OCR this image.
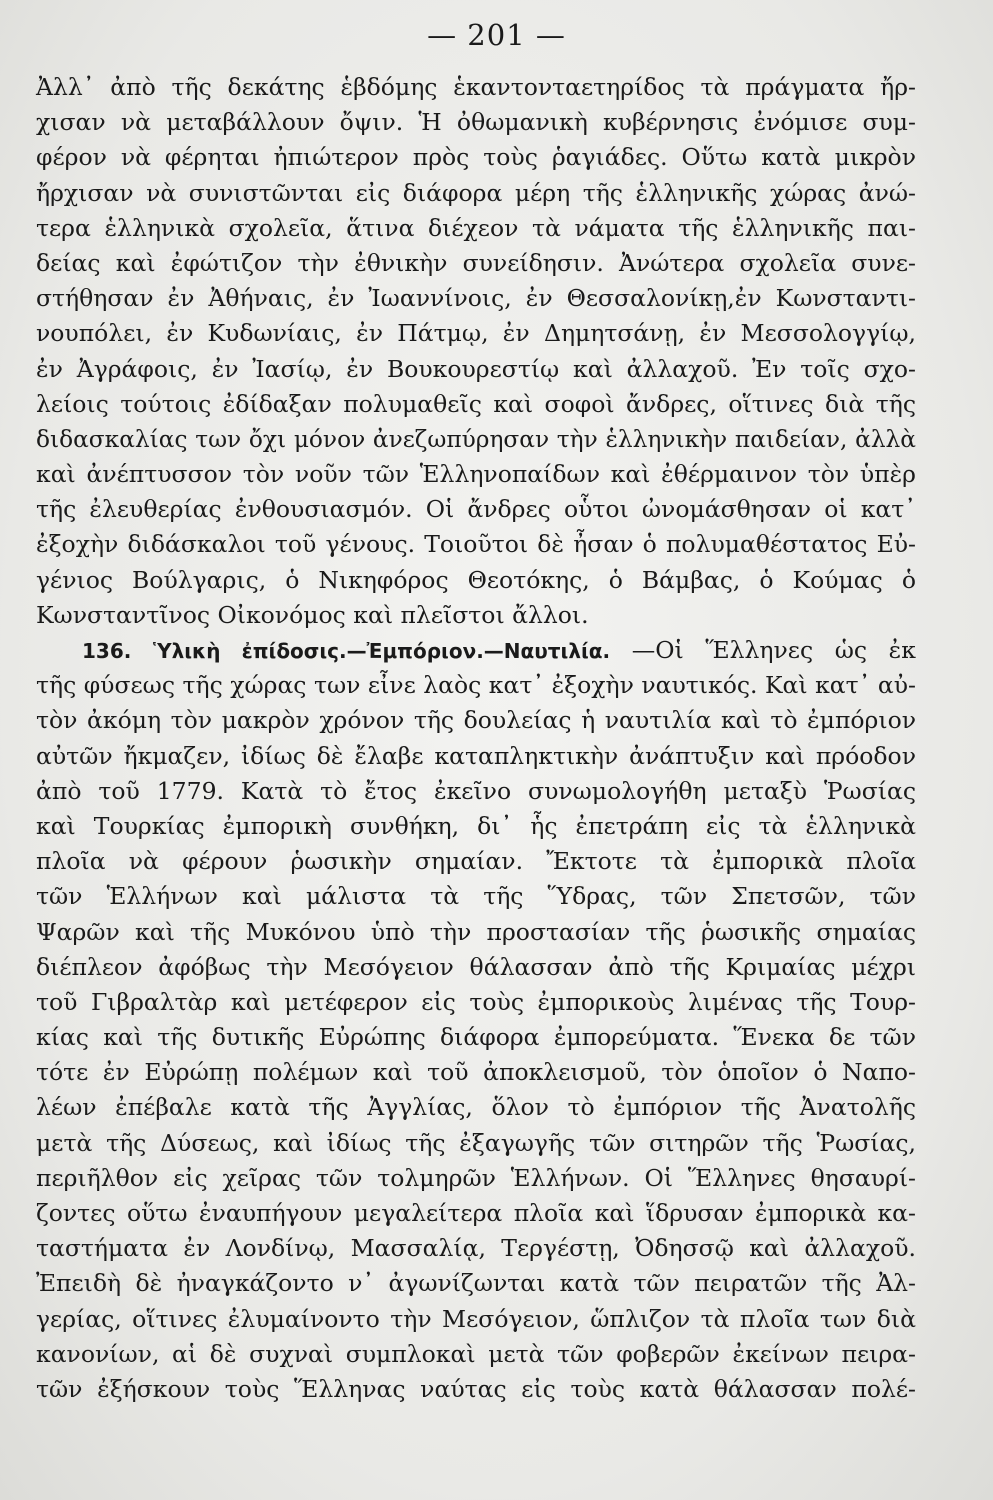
— 201 —
Ἀλλ᾽ ἀπὸ τῆς δεκάτης ἑβδόμης ἑκαντονταετηρίδος τὰ πράγματα ἤρ-
χισαν νὰ μεταβάλλουν ὄψιν. Ἡ ὀθωμανικὴ κυβέρνησις ἐνόμισε συμ-
φέρον νὰ φέρηται ἠπιώτερον πρὸς τοὺς ῥαγιάδες. Οὕτω κατὰ μικρὸν
ἤρχισαν νὰ συνιστῶνται εἰς διάφορα μέρη τῆς ἑλληνικῆς χώρας ἀνώ-
τερα ἑλληνικὰ σχολεῖα, ἅτινα διέχεον τὰ νάματα τῆς ἑλληνικῆς παι-
δείας καὶ ἐφώτιζον τὴν ἐθνικὴν συνείδησιν. Ἀνώτερα σχολεῖα συνε-
στήθησαν ἐν Ἀθήναις, ἐν Ἰωαννίνοις, ἐν Θεσσαλονίκῃ,ἐν Κωνσταντι-
νουπόλει, ἐν Κυδωνίαις, ἐν Πάτμῳ, ἐν Δημητσάνῃ, ἐν Μεσσολογγίῳ,
ἐν Ἀγράφοις, ἐν Ἰασίῳ, ἐν Βουκουρεστίῳ καὶ ἀλλαχοῦ. Ἐν τοῖς σχο-
λείοις τούτοις ἐδίδαξαν πολυμαθεῖς καὶ σοφοὶ ἄνδρες, οἵτινες διὰ τῆς
διδασκαλίας των ὄχι μόνον ἀνεζωπύρησαν τὴν ἑλληνικὴν παιδείαν, ἀλλὰ
καὶ ἀνέπτυσσον τὸν νοῦν τῶν Ἑλληνοπαίδων καὶ ἐθέρμαινον τὸν ὑπὲρ
τῆς ἐλευθερίας ἐνθουσιασμόν. Οἱ ἄνδρες οὗτοι ὠνομάσθησαν οἱ κατ᾽
ἐξοχὴν διδάσκαλοι τοῦ γένους. Τοιοῦτοι δὲ ἦσαν ὁ πολυμαθέστατος Εὐ-
γένιος Βούλγαρις, ὁ Νικηφόρος Θεοτόκης, ὁ Βάμβας, ὁ Κούμας ὁ
Κωνσταντῖνος Οἰκονόμος καὶ πλεῖστοι ἄλλοι.
136. Ὑλικὴ ἐπίδοσις.—Ἐμπόριον.—Ναυτιλία. —Οἱ Ἕλληνες ὡς ἐκ
τῆς φύσεως τῆς χώρας των εἶνε λαὸς κατ᾽ ἐξοχὴν ναυτικός. Καὶ κατ᾽ αὐ-
τὸν ἀκόμη τὸν μακρὸν χρόνον τῆς δουλείας ἡ ναυτιλία καὶ τὸ ἐμπόριον
αὐτῶν ἤκμαζεν, ἰδίως δὲ ἔλαβε καταπληκτικὴν ἀνάπτυξιν καὶ πρόοδον
ἀπὸ τοῦ 1779. Κατὰ τὸ ἔτος ἐκεῖνο συνωμολογήθη μεταξὺ Ῥωσίας
καὶ Τουρκίας ἐμπορικὴ συνθήκη, δι᾽ ἧς ἐπετράπη εἰς τὰ ἑλληνικὰ
πλοῖα νὰ φέρουν ῥωσικὴν σημαίαν. Ἔκτοτε τὰ ἐμπορικὰ πλοῖα
τῶν Ἑλλήνων καὶ μάλιστα τὰ τῆς Ὕδρας, τῶν Σπετσῶν, τῶν
Ψαρῶν καὶ τῆς Μυκόνου ὑπὸ τὴν προστασίαν τῆς ῥωσικῆς σημαίας
διέπλεον ἀφόβως τὴν Μεσόγειον θάλασσαν ἀπὸ τῆς Κριμαίας μέχρι
τοῦ Γιβραλτὰρ καὶ μετέφερον εἰς τοὺς ἐμπορικοὺς λιμένας τῆς Τουρ-
κίας καὶ τῆς δυτικῆς Εὐρώπης διάφορα ἐμπορεύματα. Ἕνεκα δε τῶν
τότε ἐν Εὐρώπῃ πολέμων καὶ τοῦ ἀποκλεισμοῦ, τὸν ὁποῖον ὁ Ναπο-
λέων ἐπέβαλε κατὰ τῆς Ἀγγλίας, ὅλον τὸ ἐμπόριον τῆς Ἀνατολῆς
μετὰ τῆς Δύσεως, καὶ ἰδίως τῆς ἐξαγωγῆς τῶν σιτηρῶν τῆς Ῥωσίας,
περιῆλθον εἰς χεῖρας τῶν τολμηρῶν Ἑλλήνων. Οἱ Ἕλληνες θησαυρί-
ζοντες οὕτω ἐναυπήγουν μεγαλείτερα πλοῖα καὶ ἵδρυσαν ἐμπορικὰ κα-
ταστήματα ἐν Λονδίνῳ, Μασσαλίᾳ, Τεργέστῃ, Ὀδησσῷ καὶ ἀλλαχοῦ.
Ἐπειδὴ δὲ ἠναγκάζοντο ν᾽ ἀγωνίζωνται κατὰ τῶν πειρατῶν τῆς Ἀλ-
γερίας, οἵτινες ἐλυμαίνοντο τὴν Μεσόγειον, ὥπλιζον τὰ πλοῖα των διὰ
κανονίων, αἱ δὲ συχναὶ συμπλοκαὶ μετὰ τῶν φοβερῶν ἐκείνων πειρα-
τῶν ἐξήσκουν τοὺς Ἕλληνας ναύτας εἰς τοὺς κατὰ θάλασσαν πολέ-
